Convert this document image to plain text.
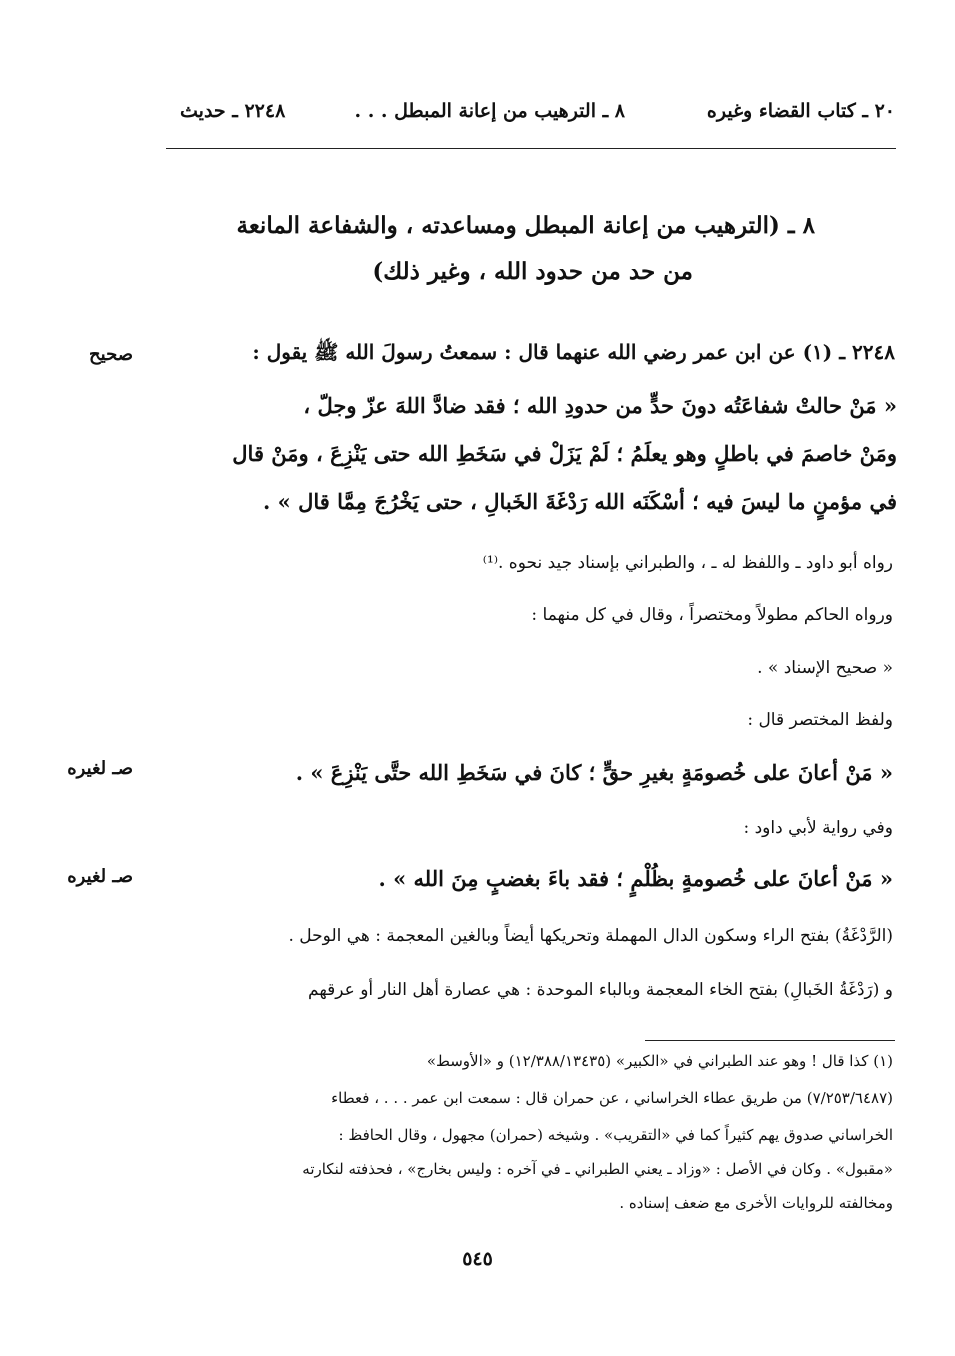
٢٠ ـ كتاب القضاء وغيره
٨ ـ الترهيب من إعانة المبطل . . .
٢٢٤٨ ـ حديث
٨ ـ (الترهيب من إعانة المبطل ومساعدته ، والشفاعة المانعة
من حد من حدود الله ، وغير ذلك)
صحيح	٢٢٤٨ ـ (١) عن ابن عمر رضي الله عنهما قال : سمعتُ رسولَ الله ﷺ يقول :
« مَنْ حالتْ شفاعَتُه دونَ حدٍّ من حدودِ الله ؛ فقد ضادَّ اللهَ عزّ وجلّ ،
ومَنْ خاصمَ في باطلٍ وهو يعلَمُ ؛ لَمْ يَزَلْ في سَخَطِ الله حتى يَنْزِعَ ، ومَنْ قال
في مؤمنٍ ما ليسَ فيه ؛ أسْكَنَه الله رَدْغَةَ الخَبالِ ، حتى يَخْرُجَ مِمَّا قال » .
رواه أبو داود ـ واللفظ له ـ ، والطبراني بإسناد جيد نحوه .⁽¹⁾
ورواه الحاكم مطولاً ومختصراً ، وقال في كل منهما :
« صحيح الإسناد » .
ولفظ المختصر قال :
صـ لغيره	« مَنْ أعانَ على خُصومَةٍ بغيرِ حقٍّ ؛ كانَ في سَخَطِ الله حتَّى يَنْزِعَ » .
وفي رواية لأبي داود :
صـ لغيره	« مَنْ أعانَ على خُصومةٍ بظُلْمٍ ؛ فقد باءَ بغضبٍ مِنَ الله » .
(الرَّدْغَةُ) بفتح الراء وسكون الدال المهملة وتحريكها أيضاً وبالغين المعجمة : هي الوحل .
و (رَدْغَةُ الخَبالِ) بفتح الخاء المعجمة وبالباء الموحدة : هي عصارة أهل النار أو عرقهم
(١) كذا قال ! وهو عند الطبراني في «الكبير» (١٢/٣٨٨/١٣٤٣٥) و «الأوسط»
(٧/٢٥٣/٦٤٨٧) من طريق عطاء الخراساني ، عن حمران قال : سمعت ابن عمر . . . ، فعطاء
الخراساني صدوق يهم كثيراً كما في «التقريب» . وشيخه (حمران) مجهول ، وقال الحافظ :
«مقبول» . وكان في الأصل : «وزاد ـ يعني الطبراني ـ في آخره : وليس بخارج» ، فحذفته لنكارته
ومخالفته للروايات الأخرى مع ضعف إسناده .
٥٤٥
